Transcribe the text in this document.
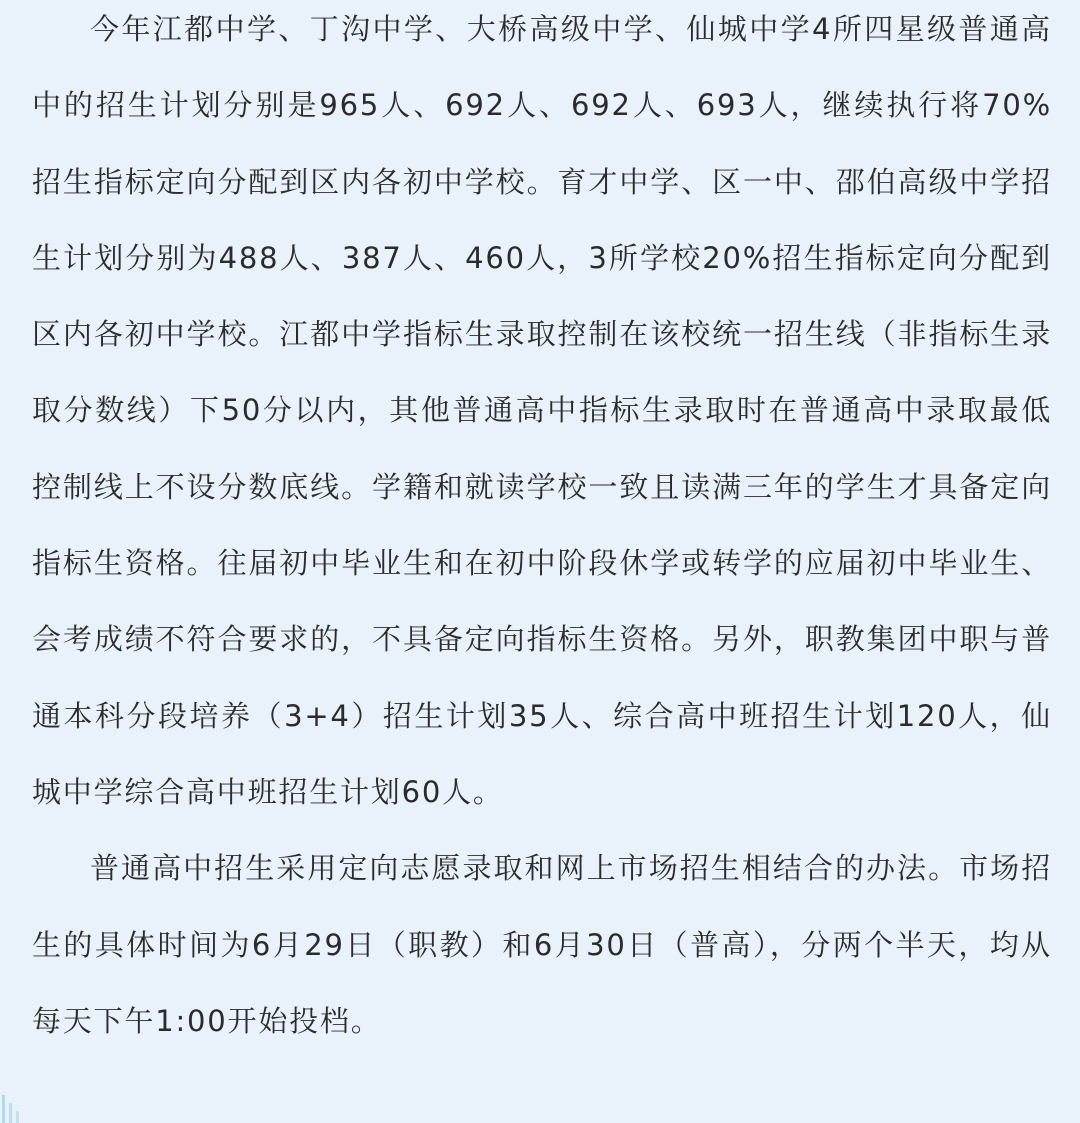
今年江都中学、丁沟中学、大桥高级中学、仙城中学4所四星级普通高中的招生计划分别是965人、692人、692人、693人，继续执行将70%招生指标定向分配到区内各初中学校。育才中学、区一中、邵伯高级中学招生计划分别为488人、387人、460人，3所学校20%招生指标定向分配到区内各初中学校。江都中学指标生录取控制在该校统一招生线（非指标生录取分数线）下50分以内，其他普通高中指标生录取时在普通高中录取最低控制线上不设分数底线。学籍和就读学校一致且读满三年的学生才具备定向指标生资格。往届初中毕业生和在初中阶段休学或转学的应届初中毕业生、会考成绩不符合要求的，不具备定向指标生资格。另外，职教集团中职与普通本科分段培养（3+4）招生计划35人、综合高中班招生计划120人，仙城中学综合高中班招生计划60人。

普通高中招生采用定向志愿录取和网上市场招生相结合的办法。市场招生的具体时间为6月29日（职教）和6月30日（普高），分两个半天，均从每天下午1:00开始投档。
